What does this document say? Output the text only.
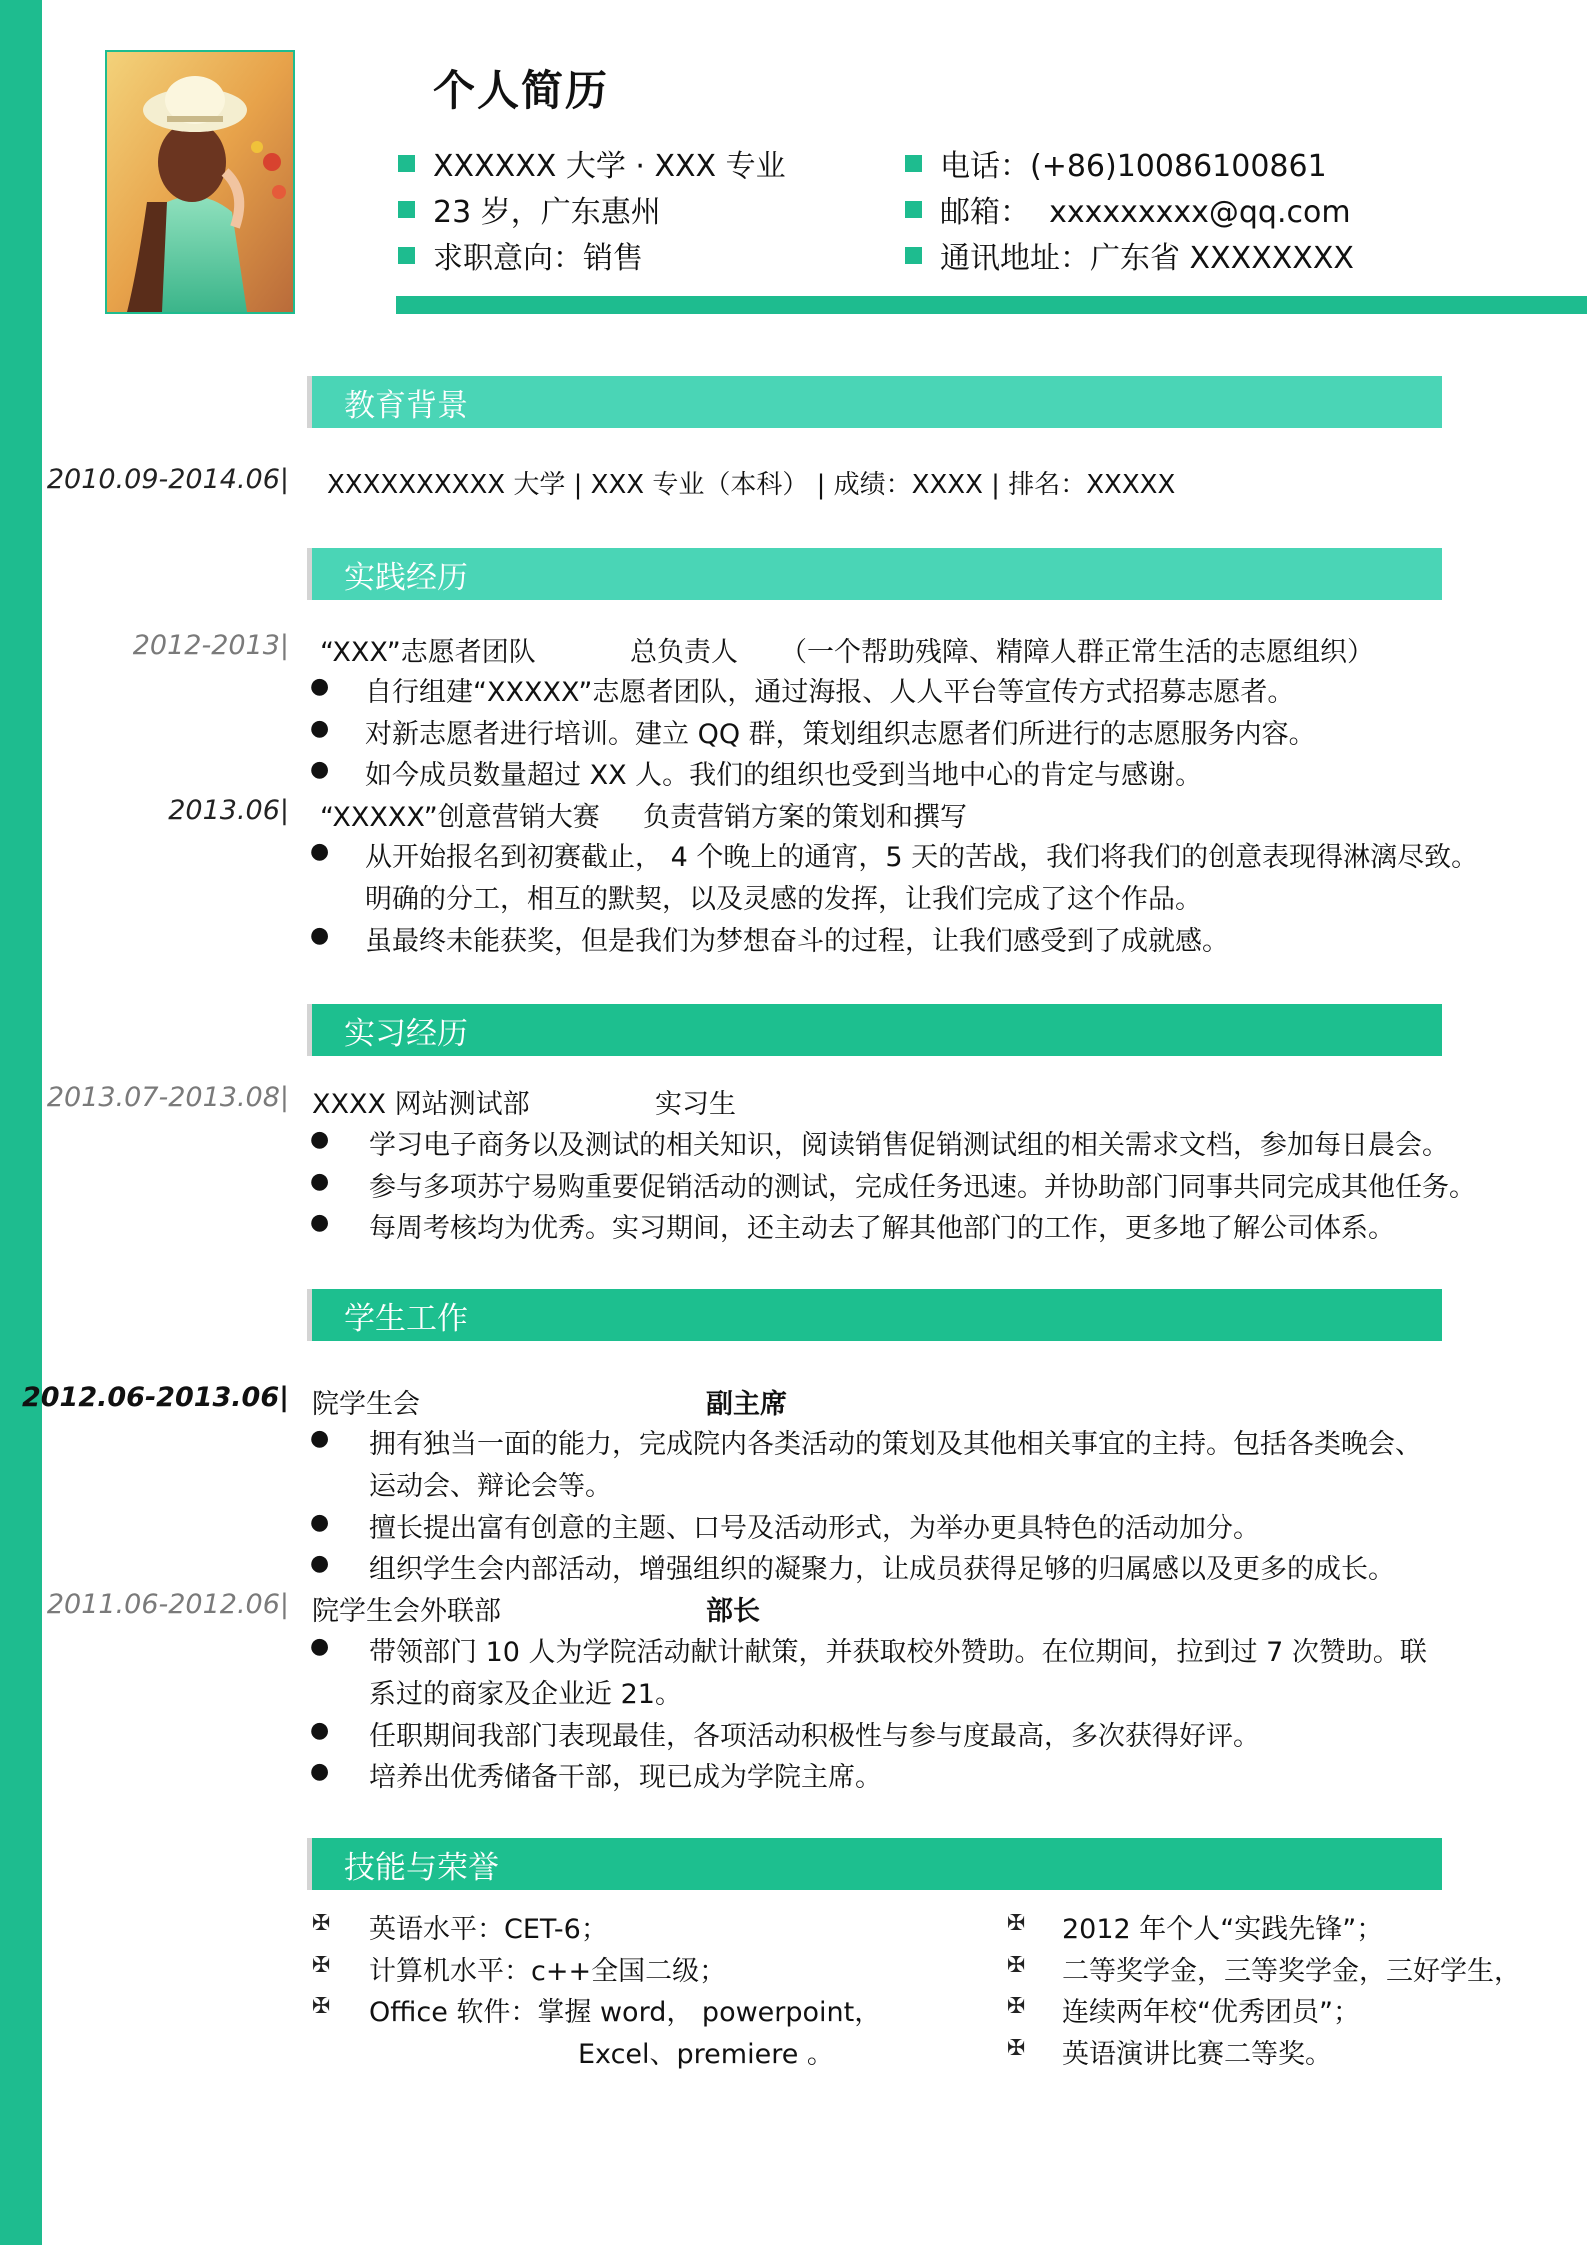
个人简历
XXXXXX 大学 · XXX 专业
23 岁，广东惠州
求职意向：销售
电话：(+86)10086100861
邮箱：  xxxxxxxxx@qq.com
通讯地址：广东省 XXXXXXXX
教育背景
2010.09-2014.06| XXXXXXXXXX 大学 | XXX 专业（本科） | 成绩：XXXX | 排名：XXXXX
实践经历
2012-2013| “XXX”志愿者团队	总负责人 （一个帮助残障、精障人群正常生活的志愿组织）
● 自行组建“XXXXX”志愿者团队，通过海报、人人平台等宣传方式招募志愿者。
● 对新志愿者进行培训。建立 QQ 群，策划组织志愿者们所进行的志愿服务内容。
● 如今成员数量超过 XX 人。我们的组织也受到当地中心的肯定与感谢。
2013.06| “XXXXX”创意营销大赛 负责营销方案的策划和撰写
● 从开始报名到初赛截止， 4 个晚上的通宵，5 天的苦战，我们将我们的创意表现得淋漓尽致。
明确的分工，相互的默契，以及灵感的发挥，让我们完成了这个作品。
● 虽最终未能获奖，但是我们为梦想奋斗的过程，让我们感受到了成就感。
实习经历
2013.07-2013.08| XXXX 网站测试部	实习生
● 学习电子商务以及测试的相关知识，阅读销售促销测试组的相关需求文档，参加每日晨会。
● 参与多项苏宁易购重要促销活动的测试，完成任务迅速。并协助部门同事共同完成其他任务。
● 每周考核均为优秀。实习期间，还主动去了解其他部门的工作，更多地了解公司体系。
学生工作
2012.06-2013.06| 院学生会	副主席
● 拥有独当一面的能力，完成院内各类活动的策划及其他相关事宜的主持。包括各类晚会、
运动会、辩论会等。
● 擅长提出富有创意的主题、口号及活动形式，为举办更具特色的活动加分。
● 组织学生会内部活动，增强组织的凝聚力，让成员获得足够的归属感以及更多的成长。
2011.06-2012.06| 院学生会外联部	部长
● 带领部门 10 人为学院活动献计献策，并获取校外赞助。在位期间，拉到过 7 次赞助。联
系过的商家及企业近 21。
● 任职期间我部门表现最佳，各项活动积极性与参与度最高，多次获得好评。
● 培养出优秀储备干部，现已成为学院主席。
技能与荣誉
✠ 英语水平：CET-6；
✠ 计算机水平：c++全国二级；
✠ Office 软件：掌握 word， powerpoint，
Excel、premiere 。
✠ 2012 年个人“实践先锋”；
✠ 二等奖学金，三等奖学金，三好学生，
✠ 连续两年校“优秀团员”；
✠ 英语演讲比赛二等奖。
